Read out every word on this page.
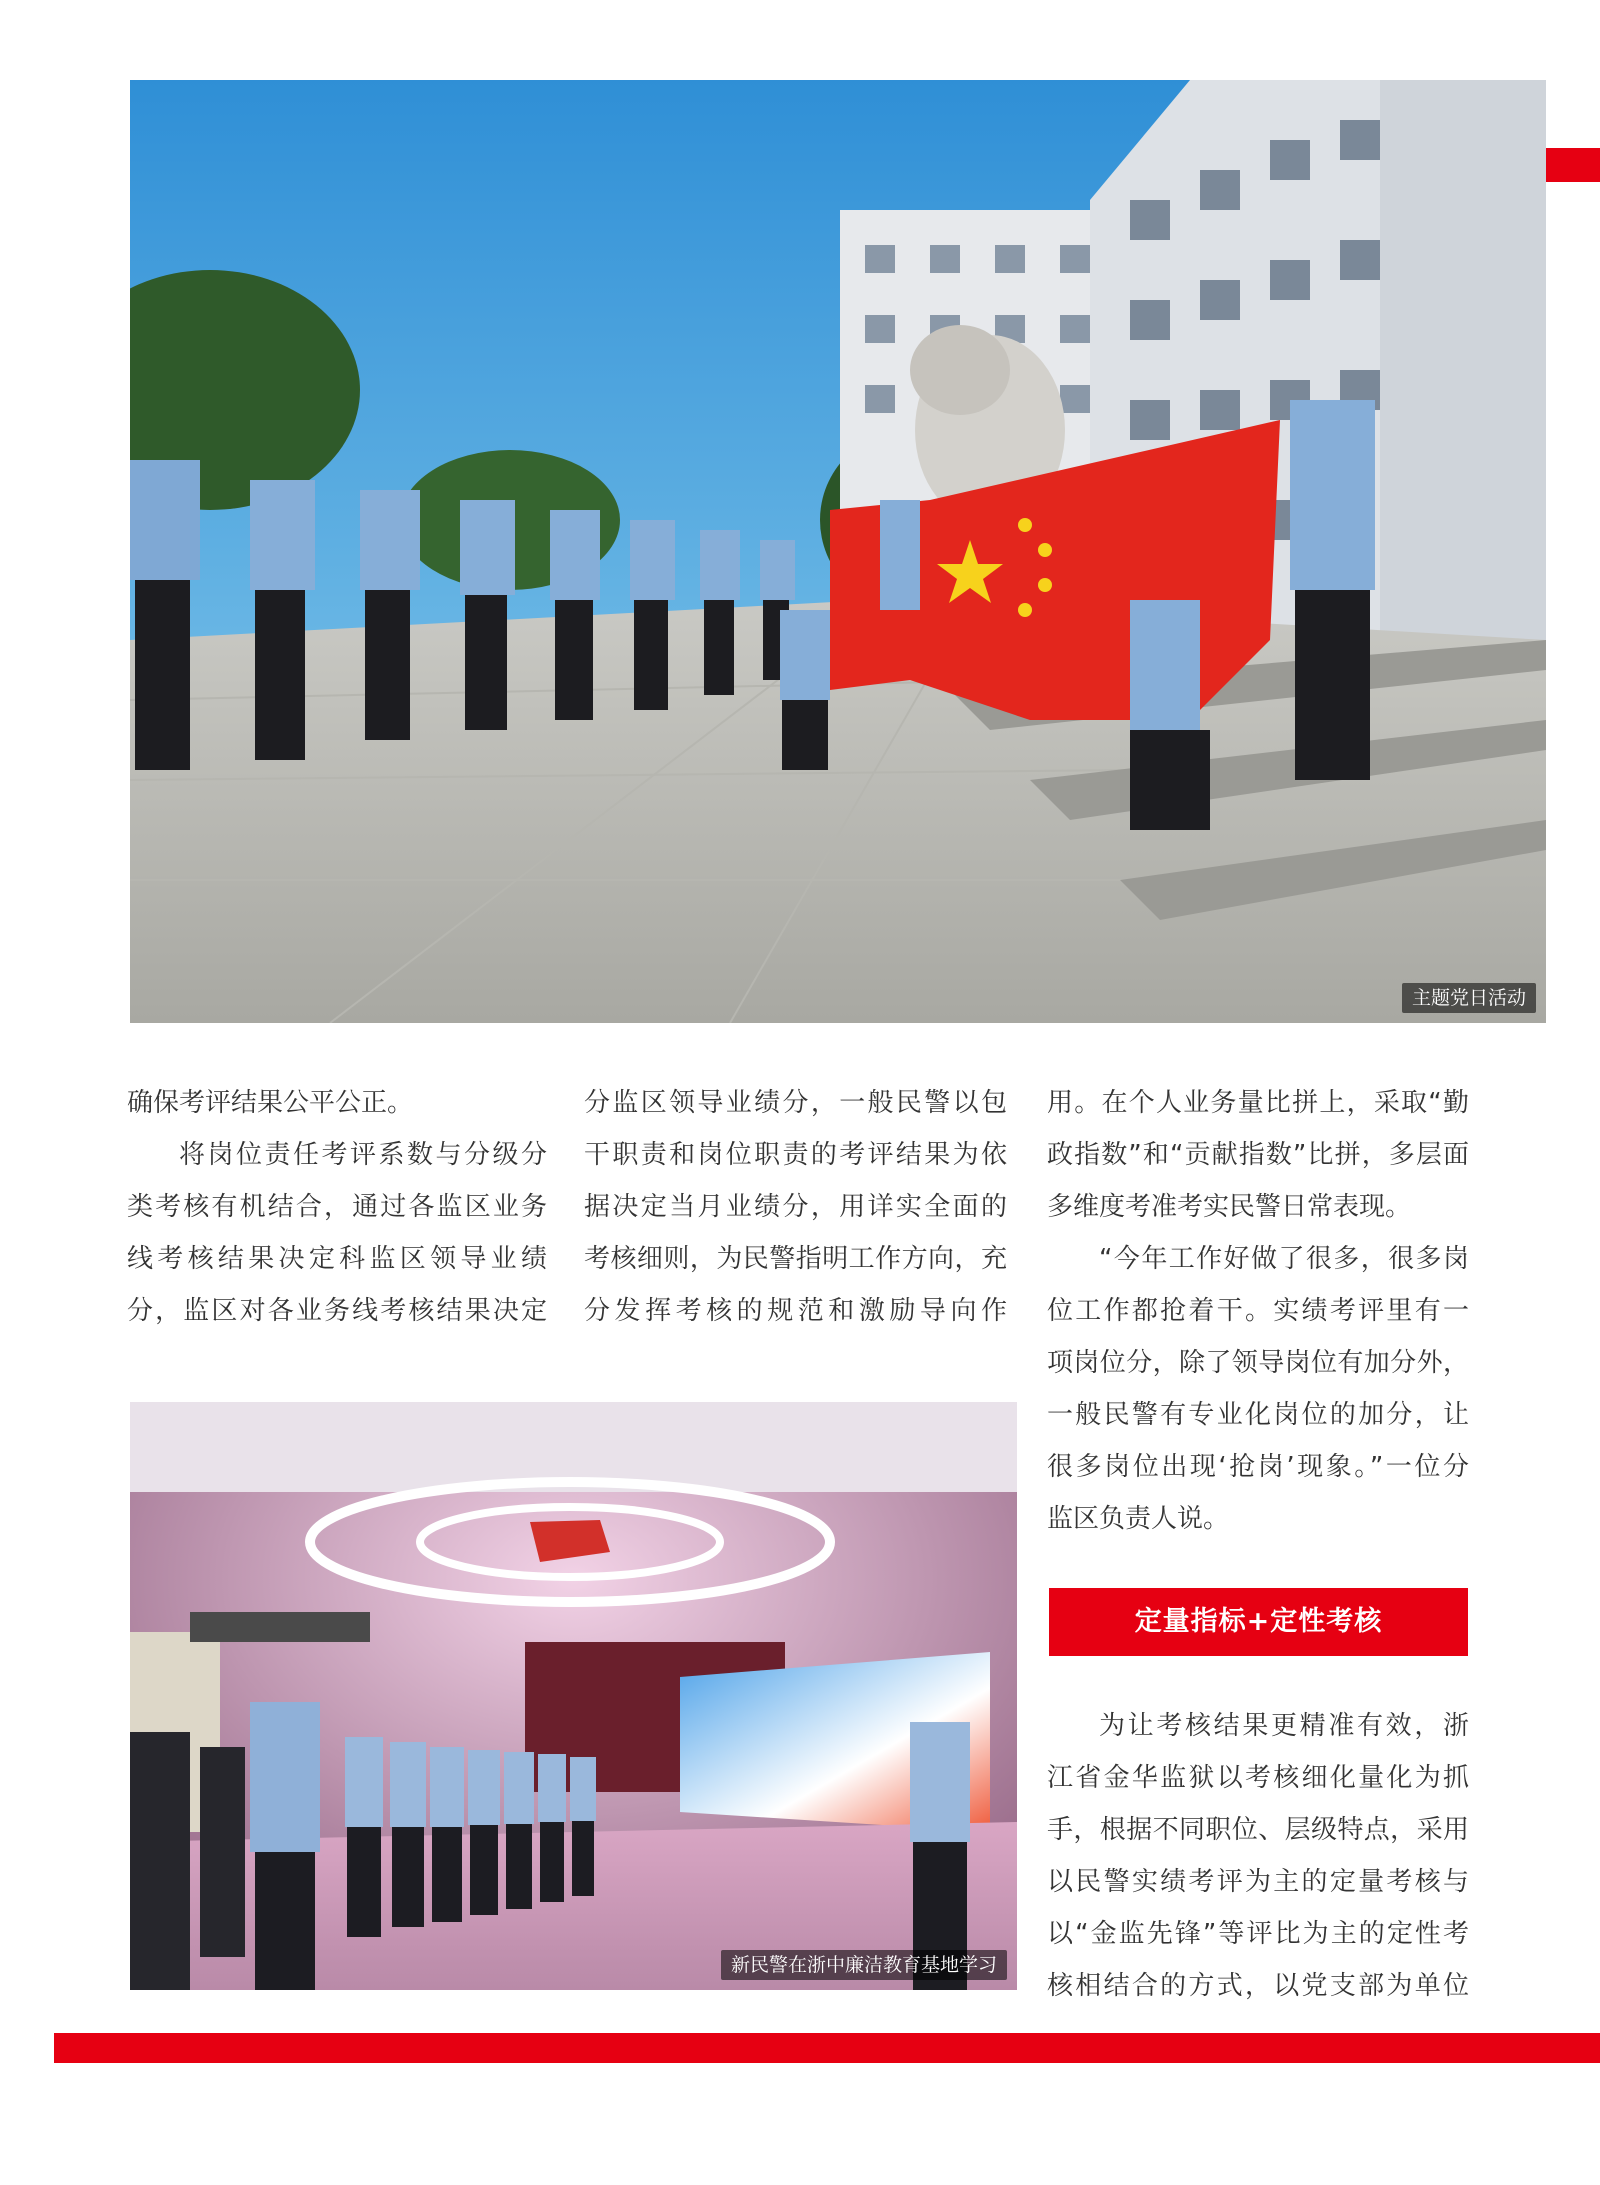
主题党日活动

确保考评结果公平公正。

将岗位责任考评系数与分级分

类考核有机结合，通过各监区业务

线考核结果决定科监区领导业绩

分，监区对各业务线考核结果决定

分监区领导业绩分，一般民警以包

干职责和岗位职责的考评结果为依

据决定当月业绩分，用详实全面的

考核细则，为民警指明工作方向，充

分发挥考核的规范和激励导向作

用。在个人业务量比拼上，采取“勤

政指数”和“贡献指数”比拼，多层面

多维度考准考实民警日常表现。

“今年工作好做了很多，很多岗

位工作都抢着干。实绩考评里有一

项岗位分，除了领导岗位有加分外，

一般民警有专业化岗位的加分，让

很多岗位出现‘抢岗’现象。”一位分

监区负责人说。

定量指标+定性考核

为让考核结果更精准有效，浙

江省金华监狱以考核细化量化为抓

手，根据不同职位、层级特点，采用

以民警实绩考评为主的定量考核与

以“金监先锋”等评比为主的定性考

核相结合的方式，以党支部为单位

新民警在浙中廉洁教育基地学习
